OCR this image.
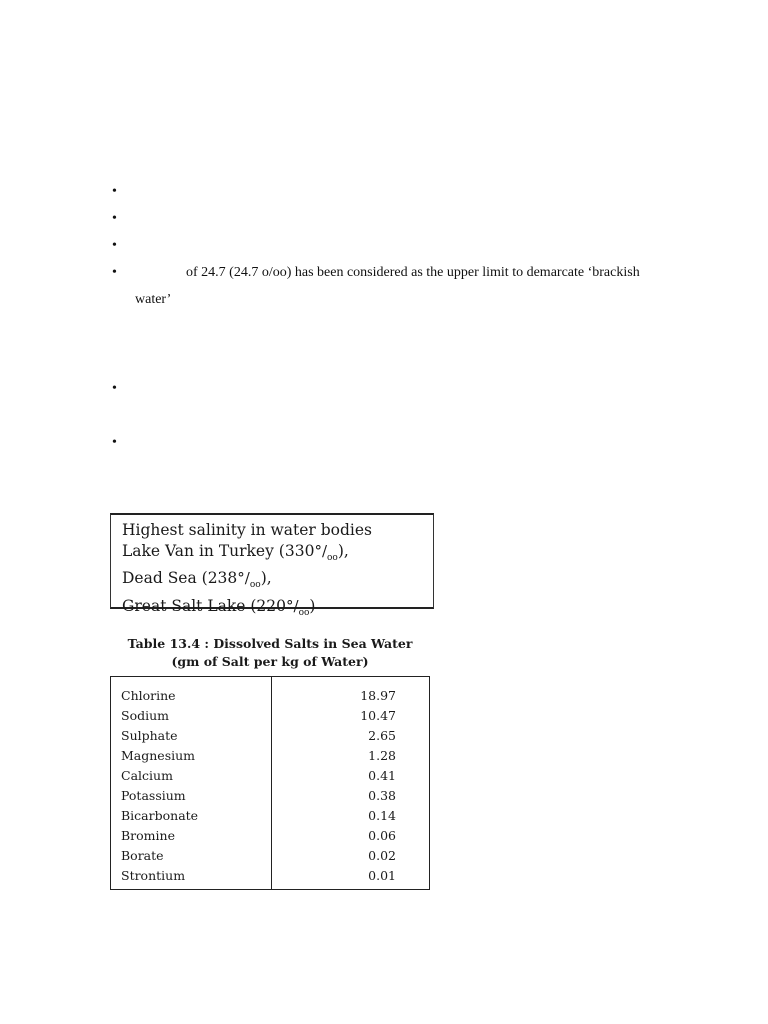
•
•
•
•	of 24.7 (24.7 o/oo) has been considered as the upper limit to demarcate ‘brackish
water’
•
•
Highest salinity in water bodies
Lake Van in Turkey $(330^\circ/_{oo})$,
Dead Sea $(238^\circ/_{oo})$,
Great Salt Lake $(220^\circ/_{oo})$
Table 13.4 : Dissolved Salts in Sea Water
(gm of Salt per kg of Water)
Chlorine	18.97
Sodium	10.47
Sulphate	2.65
Magnesium	1.28
Calcium	0.41
Potassium	0.38
Bicarbonate	0.14
Bromine	0.06
Borate	0.02
Strontium	0.01
